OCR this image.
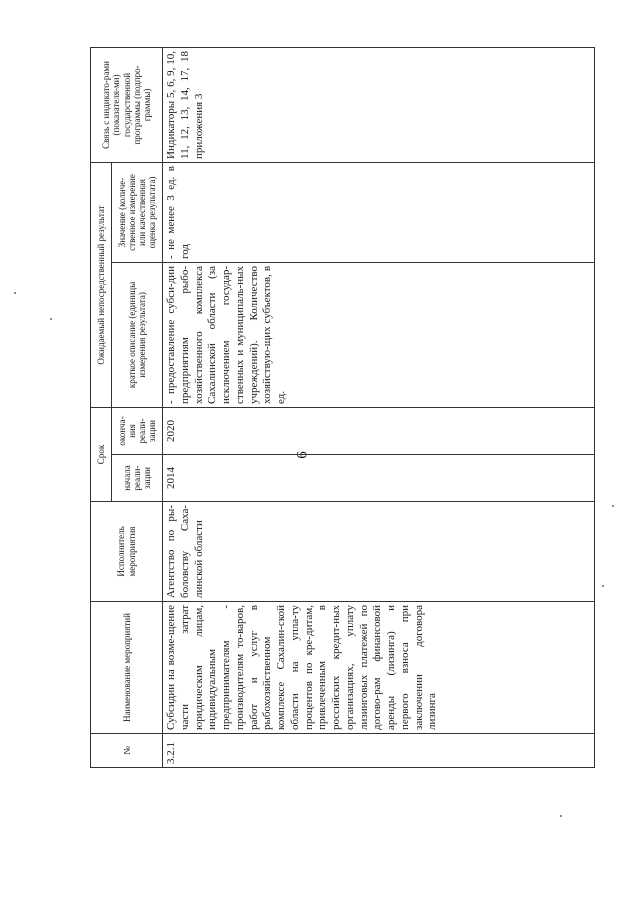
6
№	Наименование мероприятий	Исполнитель мероприятия	Срок		Ожидаемый непосредственный результат		Связь с индикато-рами (показателя-ми) государственной программы (подпро-граммы)
			начала реали-зации	оконча-ния реали-зации	краткое описание (единицы измерения результата)	Значение (количе-ственное измерение или качественная оценка результата)	
3.2.1	Субсидии на возме-щение части затрат юридическим лицам, индивидуальным предпринимателям - производителям то-варов, работ и услуг в рыбохозяйственном комплексе Сахалин-ской области на упла-ту процентов по кре-дитам, привлеченным в российских кредит-ных организациях, уплату лизинговых платежей по догово-рам финансовой аренды (лизинга) и первого взноса при заключении договора лизинга	Агентство по ры-боловству Саха-линской области	2014	2020	- предоставление субси-дии предприятиям рыбо-хозяйственного комплекса Сахалинской области (за исключением государ-ственных и муниципаль-ных учреждений). Количество хозяйствую-щих субъектов, в ед.	- не менее 3 ед. в год	Индикаторы 5, 6, 9, 10, 11, 12, 13, 14, 17, 18 приложения 3
